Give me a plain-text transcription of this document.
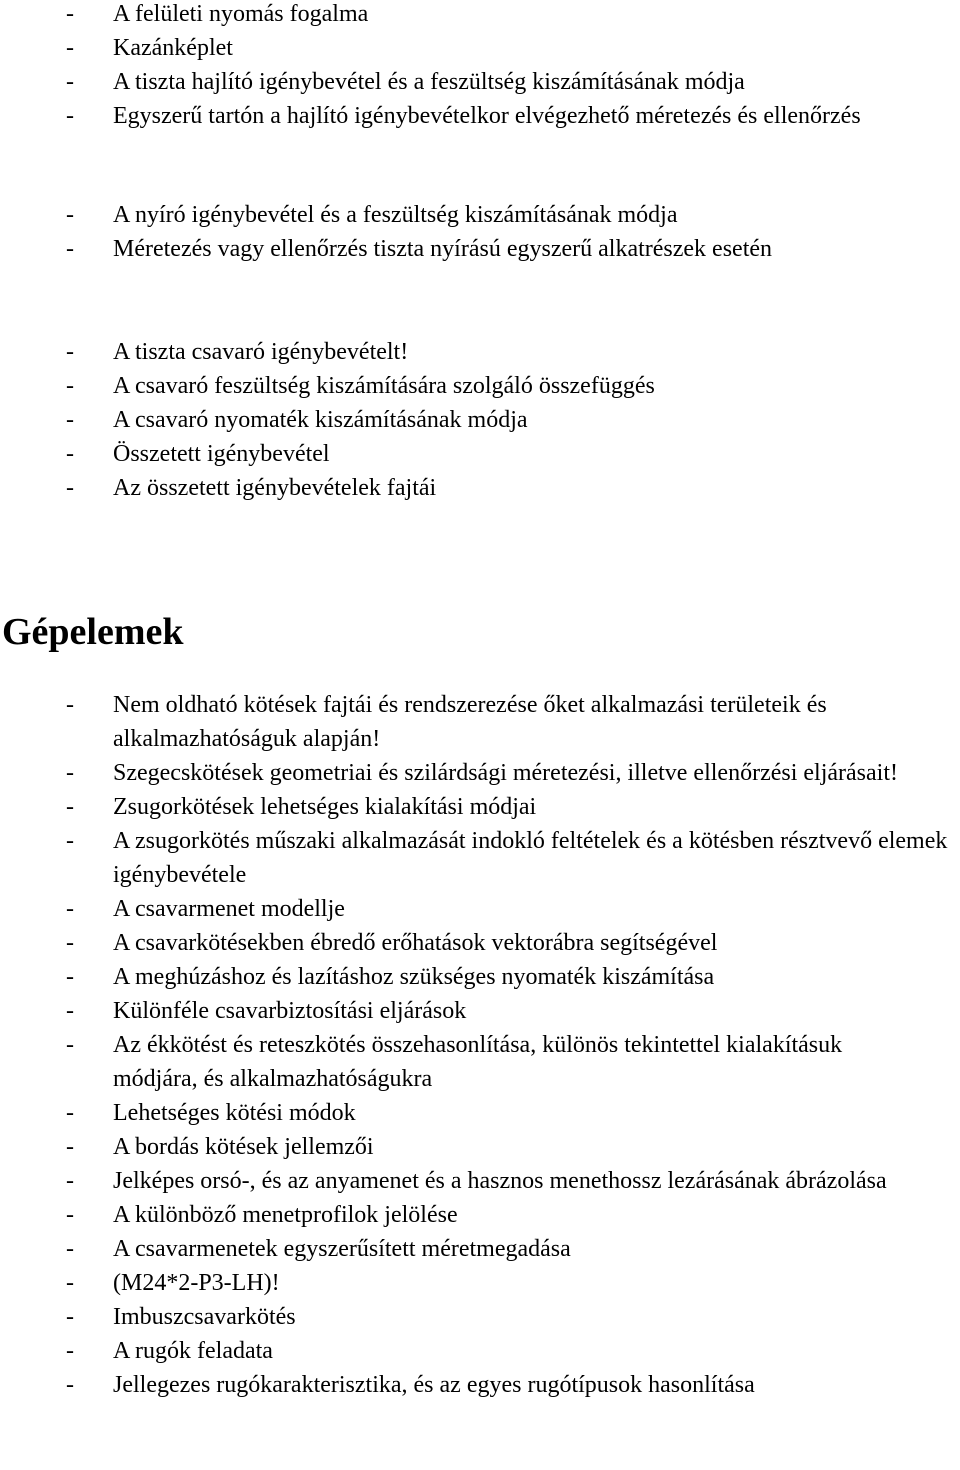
- A felületi nyomás fogalma
- Kazánképlet
- A tiszta hajlító igénybevétel és a feszültség kiszámításának módja
- Egyszerű tartón a hajlító igénybevételkor elvégezhető méretezés és ellenőrzés
- A nyíró igénybevétel és a feszültség kiszámításának módja
- Méretezés vagy ellenőrzés tiszta nyírású egyszerű alkatrészek esetén
- A tiszta csavaró igénybevételt!
- A csavaró feszültség kiszámítására szolgáló összefüggés
- A csavaró nyomaték kiszámításának módja
- Összetett igénybevétel
- Az összetett igénybevételek fajtái
Gépelemek
- Nem oldható kötések fajtái és rendszerezése őket alkalmazási területeik és alkalmazhatóságuk alapján!
- Szegecskötések geometriai és szilárdsági méretezési, illetve ellenőrzési eljárásait!
- Zsugorkötések lehetséges kialakítási módjai
- A zsugorkötés műszaki alkalmazását indokló feltételek és a kötésben résztvevő elemek igénybevétele
- A csavarmenet modellje
- A csavarkötésekben ébredő erőhatások vektorábra segítségével
- A meghúzáshoz és lazításhoz szükséges nyomaték kiszámítása
- Különféle csavarbiztosítási eljárások
- Az ékkötést és reteszkötés összehasonlítása, különös tekintettel kialakításuk módjára, és alkalmazhatóságukra
- Lehetséges kötési módok
- A bordás kötések jellemzői
- Jelképes orsó-, és az anyamenet és a hasznos menethossz lezárásának ábrázolása
- A különböző menetprofilok jelölése
- A csavarmenetek egyszerűsített méretmegadása
- (M24*2-P3-LH)!
- Imbuszcsavarkötés
- A rugók feladata
- Jellegezes rugókarakterisztika, és az egyes rugótípusok hasonlítása
